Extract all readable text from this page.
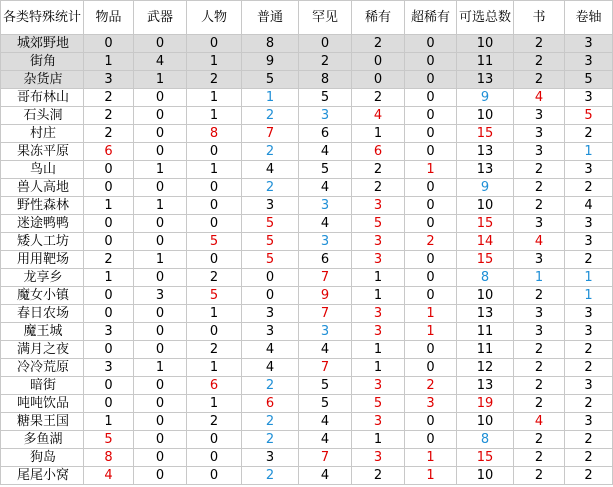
各类特殊统计	物品	武器	人物	普通	罕见	稀有	超稀有	可选总数	书	卷轴
城郊野地	0	0	0	8	0	2	0	10	2	3
街角	1	4	1	9	2	0	0	11	2	3
杂货店	3	1	2	5	8	0	0	13	2	5
哥布林山	2	0	1	1	5	2	0	9	4	3
石头洞	2	0	1	2	3	4	0	10	3	5
村庄	2	0	8	7	6	1	0	15	3	2
果冻平原	6	0	0	2	4	6	0	13	3	1
鸟山	0	1	1	4	5	2	1	13	2	3
兽人高地	0	0	0	2	4	2	0	9	2	2
野性森林	1	1	0	3	3	3	0	10	2	4
迷途鸭鸭	0	0	0	5	4	5	0	15	3	3
矮人工坊	0	0	5	5	3	3	2	14	4	3
用用靶场	2	1	0	5	6	3	0	15	3	2
龙享乡	1	0	2	0	7	1	0	8	1	1
魔女小镇	0	3	5	0	9	1	0	10	2	1
春日农场	0	0	1	3	7	3	1	13	3	3
魔王城	3	0	0	3	3	3	1	11	3	3
满月之夜	0	0	2	4	4	1	0	11	2	2
冷冷荒原	3	1	1	4	7	1	0	12	2	2
暗街	0	0	6	2	5	3	2	13	2	3
吨吨饮品	0	0	1	6	5	5	3	19	2	2
糖果王国	1	0	2	2	4	3	0	10	4	3
多鱼湖	5	0	0	2	4	1	0	8	2	2
狗岛	8	0	0	3	7	3	1	15	2	2
尾尾小窝	4	0	0	2	4	2	1	10	2	2
